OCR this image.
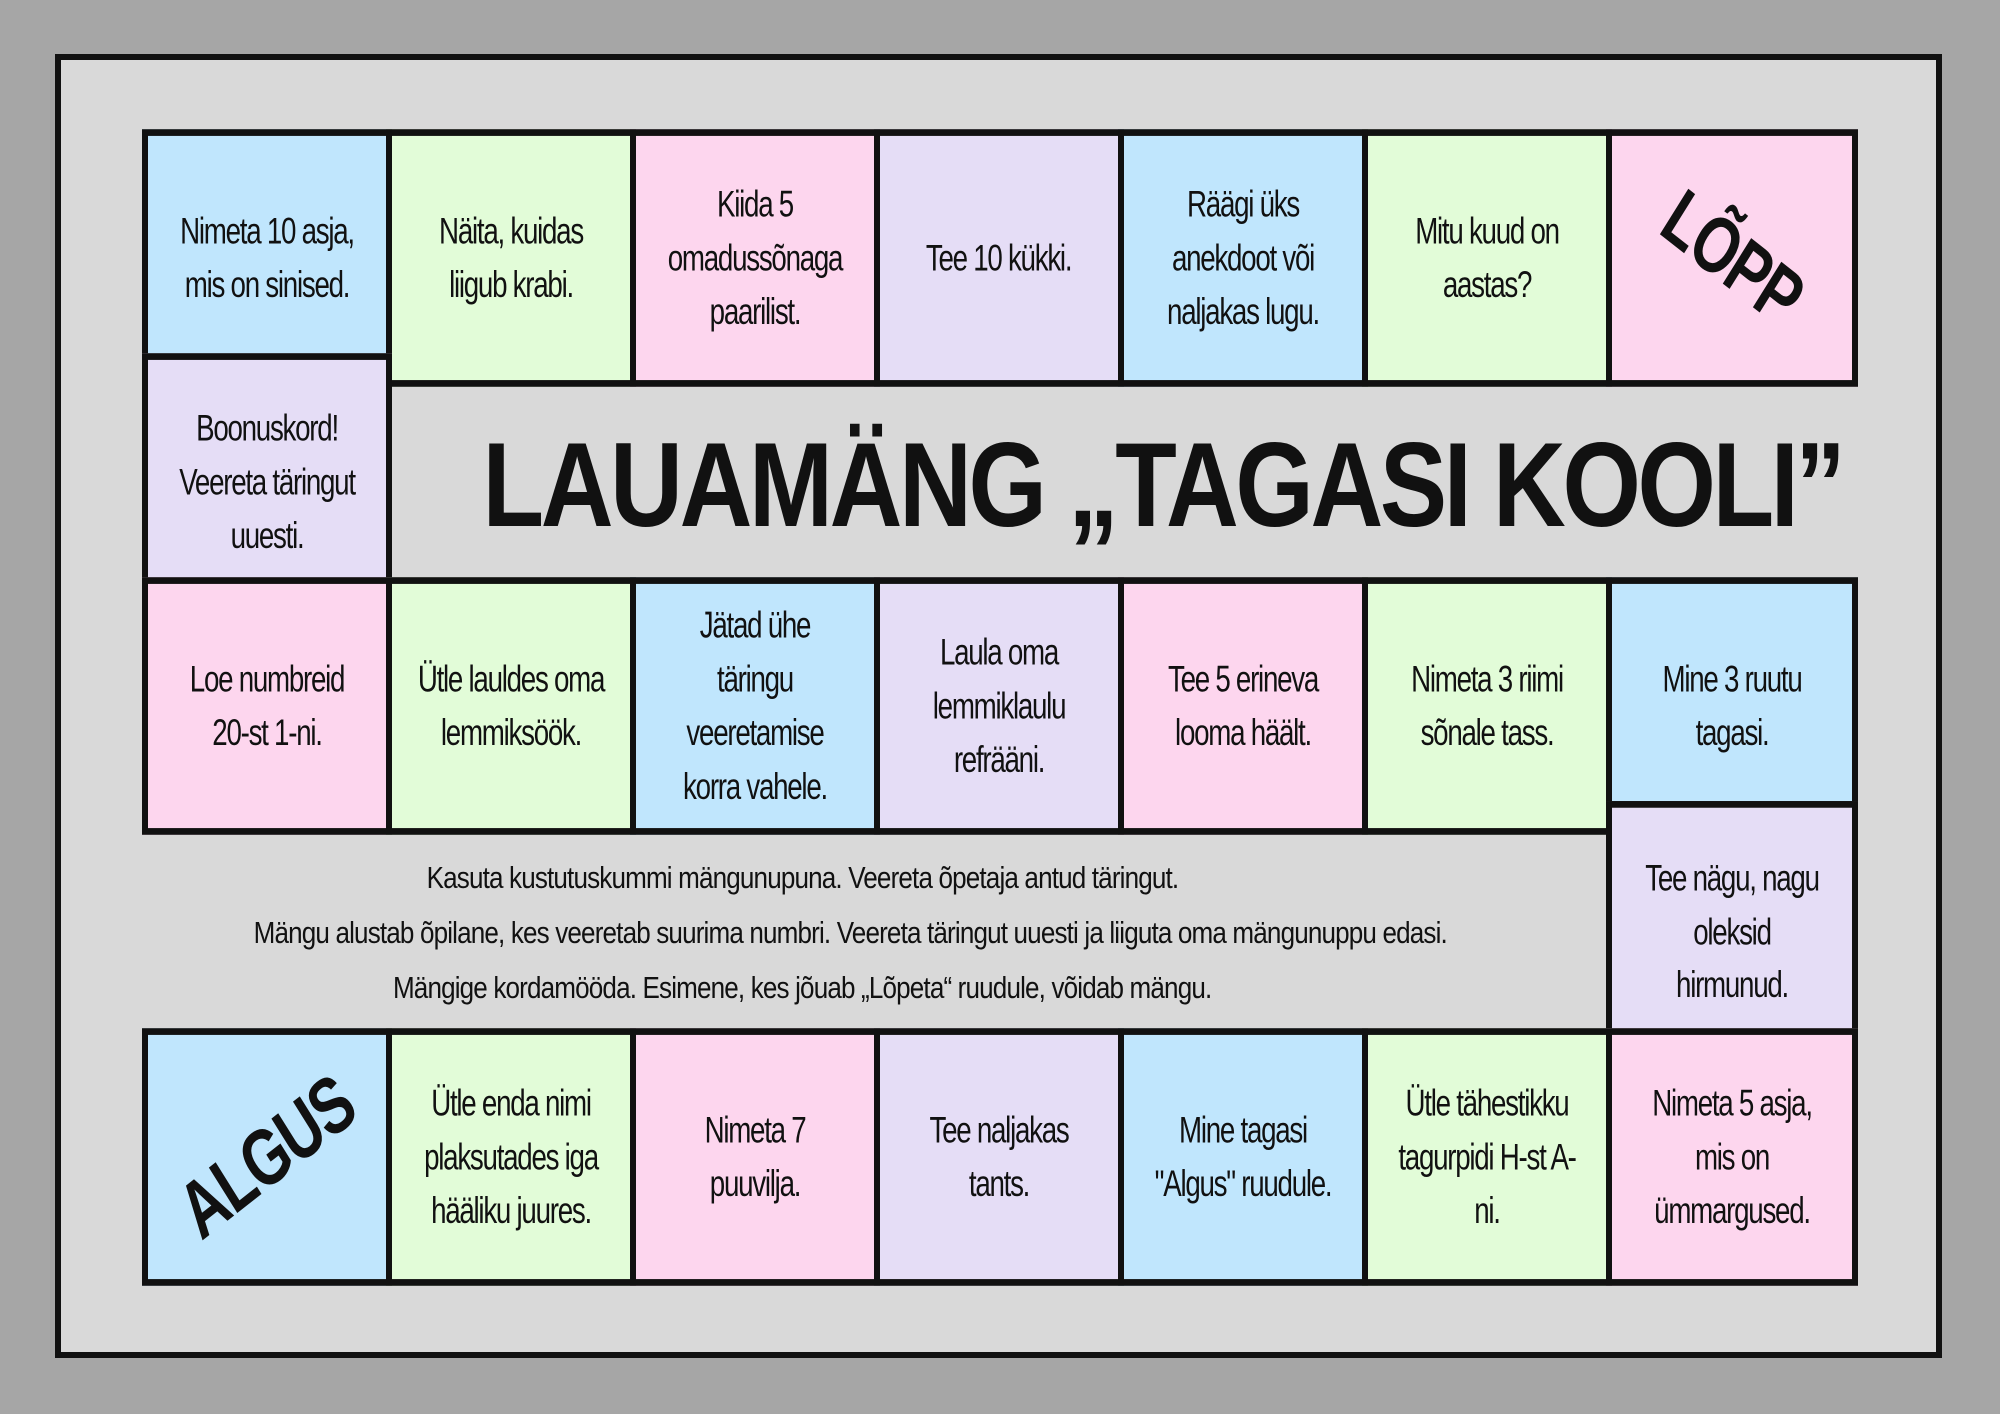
Nimeta 10 asja, mis on sinised.
Näita, kuidas liigub krabi.
Kiida 5 omadussõnaga paarilist.
Tee 10 kükki.
Räägi üks anekdoot või naljakas lugu.
Mitu kuud on aastas?	LÕPP
Boonuskord! Veereta täringut uuesti.	LAUAMÄNG „TAGASI KOOLI”
Loe numbreid 20-st 1-ni.
Ütle lauldes oma lemmiksöök.
Jätad ühe täringu veeretamise korra vahele.
Laula oma lemmiklaulu refrääni.
Tee 5 erineva looma häält.
Nimeta 3 riimi sõnale tass.
Mine 3 ruutu tagasi.
Tee nägu, nagu oleksid hirmunud.

Kasuta kustutuskummi mängunupuna. Veereta õpetaja antud täringut.

Mängu alustab õpilane, kes veeretab suurima numbri. Veereta täringut uuesti ja liiguta oma mängunuppu edasi.

Mängige kordamööda. Esimene, kes jõuab „Lõpeta“ ruudule, võidab mängu.

ALGUS	Ütle enda nimi plaksutades iga hääliku juures.
Nimeta 7 puuvilja.
Tee naljakas tants.
Mine tagasi "Algus" ruudule.
Ütle tähestikku tagurpidi H-st A-ni.
Nimeta 5 asja, mis on ümmargused.
